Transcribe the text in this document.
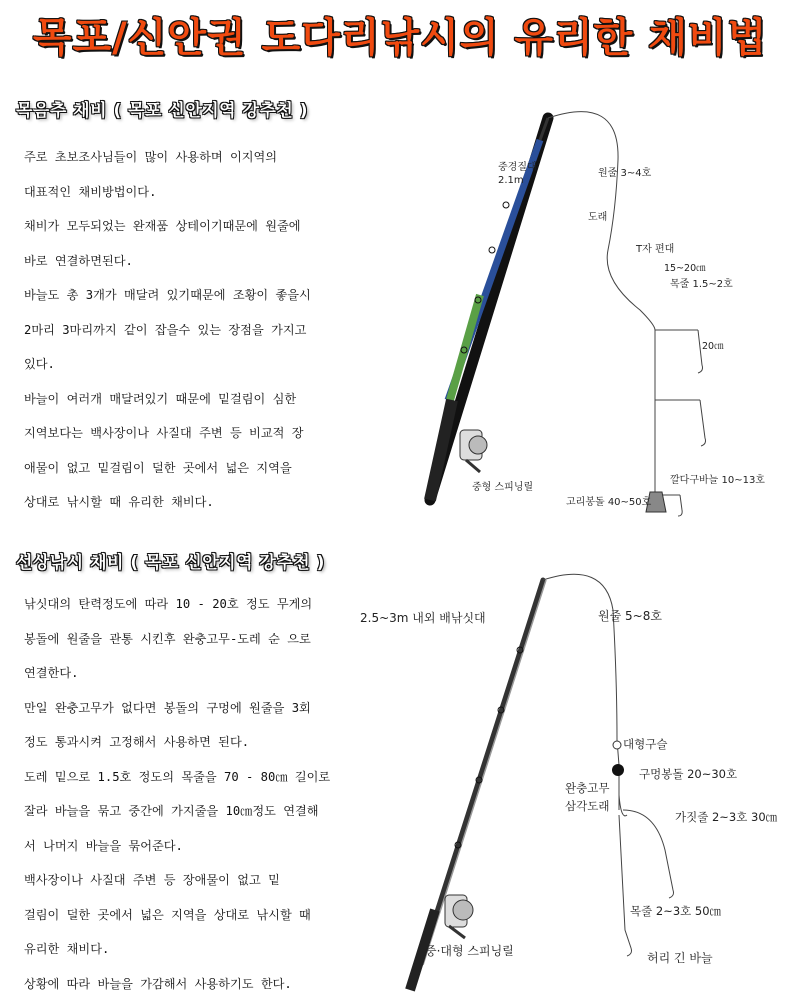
목포/신안권 도다리낚시의 유리한 채비법
목음추 채비 ( 목포 신안지역 강추천 )
주로 초보조사님들이 많이 사용하며 이지역의
대표적인 채비방법이다.
채비가 모두되었는 완재품 상테이기때문에 원줄에
바로 연결하면된다.
바늘도 총 3개가 매달려 있기때문에 조황이 좋을시
2마리 3마리까지 같이 잡을수 있는 장점을 가지고
있다.
바늘이 여러개 매달려있기 때문에 밑걸림이 심한
지역보다는 백사장이나 사질대 주변 등 비교적 장
애물이 없고 밑걸림이 덜한 곳에서 넓은 지역을
상대로 낚시할 때 유리한 채비다.
중경질대
2.1m
원줄 3~4호
도래
T자 편대
15~20㎝
목줄 1.5~2호
20㎝
깔다구바늘 10~13호
중형 스피닝릴
고리봉돌 40~50호
선상낚시 채비 ( 목포 신안지역 강추천 )
낚싯대의 탄력정도에 따라 10 - 20호 정도 무게의
봉돌에 원줄을 관통 시킨후 완충고무-도레 순 으로
연결한다.
만일 완충고무가 없다면 봉돌의 구멍에 원줄을 3회
정도 통과시켜 고정해서 사용하면 된다.
도레 밑으로 1.5호 정도의 목줄을 70 - 80㎝ 길이로
잘라 바늘을 묶고 중간에 가지줄을 10㎝정도 연결해
서 나머지 바늘을 묶어준다.
백사장이나 사질대 주변 등 장애물이 없고 밑
걸림이 덜한 곳에서 넓은 지역을 상대로 낚시할 때
유리한 채비다.
상황에 따라 바늘을 가감해서 사용하기도 한다.
2.5~3m 내외 배낚싯대	원줄 5~8호
대형구슬
구멍봉돌 20~30호
완충고무
삼각도래
가짓줄 2~3호 30㎝
목줄 2~3호 50㎝
중·대형 스피닝릴	허리 긴 바늘
